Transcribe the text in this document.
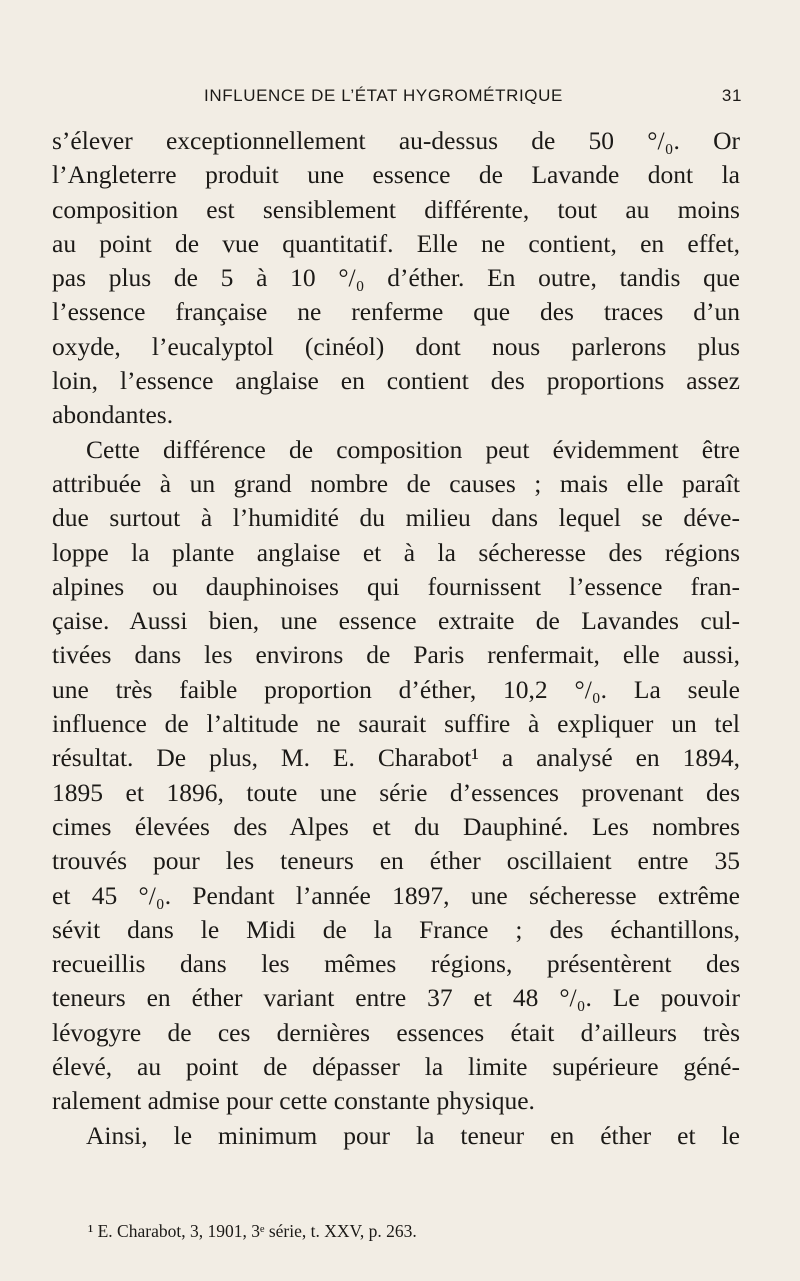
INFLUENCE DE L’ÉTAT HYGROMÉTRIQUE	31
s’élever exceptionnellement au-dessus de 50 °/₀. Or
l’Angleterre produit une essence de Lavande dont la
composition est sensiblement différente, tout au moins
au point de vue quantitatif. Elle ne contient, en effet,
pas plus de 5 à 10 °/₀ d’éther. En outre, tandis que
l’essence française ne renferme que des traces d’un
oxyde, l’eucalyptol (cinéol) dont nous parlerons plus
loin, l’essence anglaise en contient des proportions assez
abondantes.
Cette différence de composition peut évidemment être
attribuée à un grand nombre de causes ; mais elle paraît
due surtout à l’humidité du milieu dans lequel se déve-
loppe la plante anglaise et à la sécheresse des régions
alpines ou dauphinoises qui fournissent l’essence fran-
çaise. Aussi bien, une essence extraite de Lavandes cul-
tivées dans les environs de Paris renfermait, elle aussi,
une très faible proportion d’éther, 10,2 °/₀. La seule
influence de l’altitude ne saurait suffire à expliquer un tel
résultat. De plus, M. E. Charabot¹ a analysé en 1894,
1895 et 1896, toute une série d’essences provenant des
cimes élevées des Alpes et du Dauphiné. Les nombres
trouvés pour les teneurs en éther oscillaient entre 35
et 45 °/₀. Pendant l’année 1897, une sécheresse extrême
sévit dans le Midi de la France ; des échantillons,
recueillis dans les mêmes régions, présentèrent des
teneurs en éther variant entre 37 et 48 °/₀. Le pouvoir
lévogyre de ces dernières essences était d’ailleurs très
élevé, au point de dépasser la limite supérieure géné-
ralement admise pour cette constante physique.
Ainsi, le minimum pour la teneur en éther et le
¹ E. Charabot, 3, 1901, 3ᵉ série, t. XXV, p. 263.
